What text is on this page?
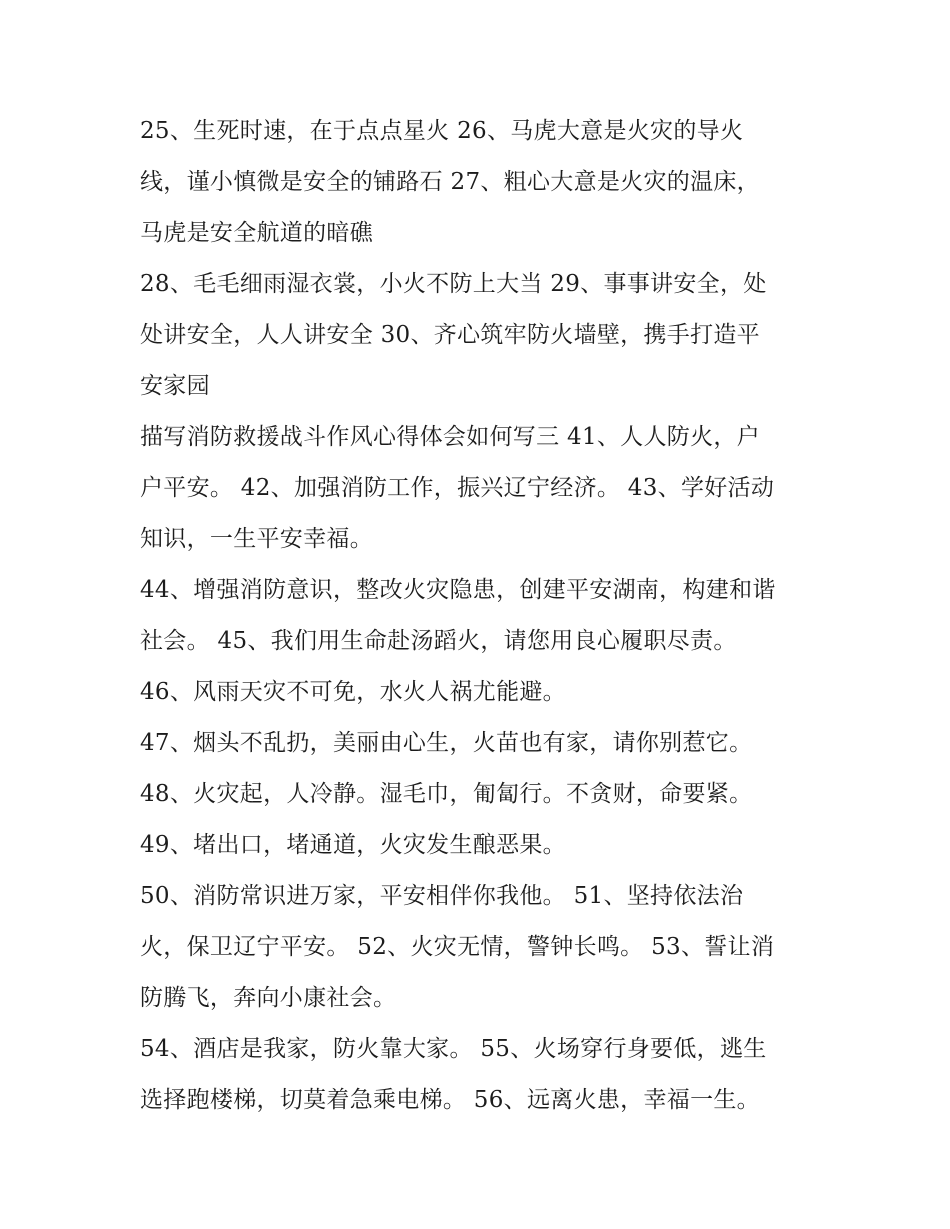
25、生死时速，在于点点星火 26、马虎大意是火灾的导火
线，谨小慎微是安全的铺路石 27、粗心大意是火灾的温床，
马虎是安全航道的暗礁
28、毛毛细雨湿衣裳，小火不防上大当 29、事事讲安全，处
处讲安全，人人讲安全 30、齐心筑牢防火墙壁，携手打造平
安家园
描写消防救援战斗作风心得体会如何写三 41、人人防火，户
户平安。 42、加强消防工作，振兴辽宁经济。 43、学好活动
知识，一生平安幸福。
44、增强消防意识，整改火灾隐患，创建平安湖南，构建和谐
社会。 45、我们用生命赴汤蹈火，请您用良心履职尽责。
46、风雨天灾不可免，水火人祸尤能避。
47、烟头不乱扔，美丽由心生，火苗也有家，请你别惹它。
48、火灾起，人冷静。湿毛巾，匍匐行。不贪财，命要紧。
49、堵出口，堵通道，火灾发生酿恶果。
50、消防常识进万家，平安相伴你我他。 51、坚持依法治
火，保卫辽宁平安。 52、火灾无情，警钟长鸣。 53、誓让消
防腾飞，奔向小康社会。
54、酒店是我家，防火靠大家。 55、火场穿行身要低，逃生
选择跑楼梯，切莫着急乘电梯。 56、远离火患，幸福一生。
